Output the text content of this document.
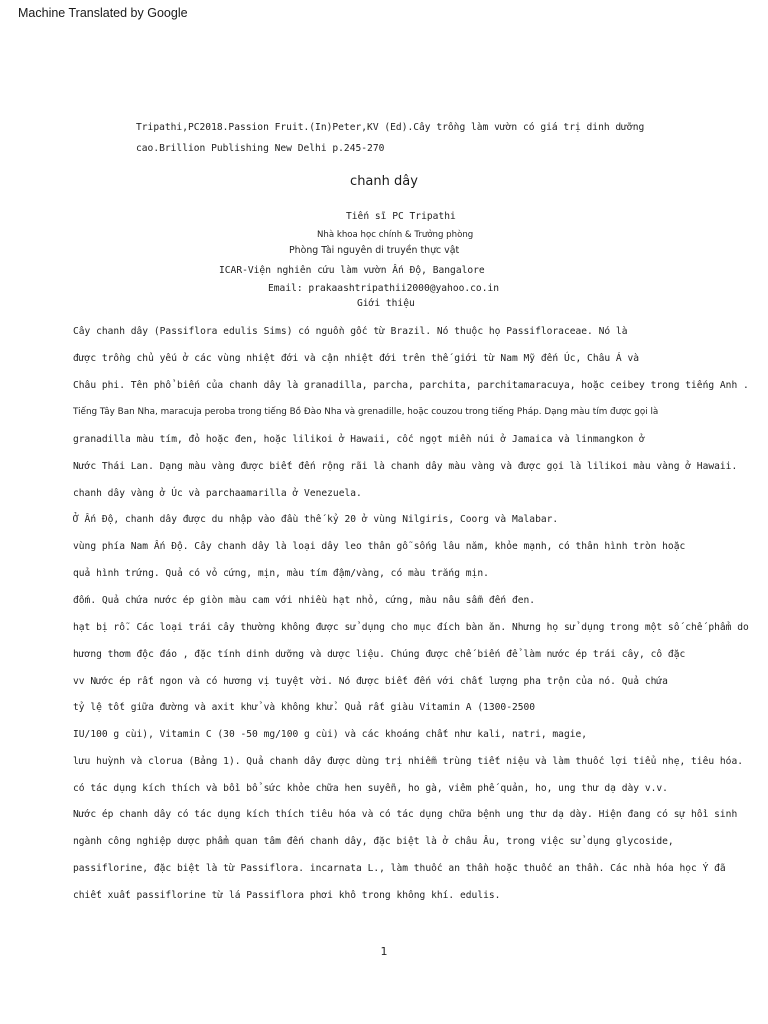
Machine Translated by Google
Tripathi,PC2018.Passion Fruit.(In)Peter,KV (Ed).Cây trồng làm vườn có giá trị dinh dưỡng
cao.Brillion Publishing New Delhi p.245-270
chanh dây
Tiến sĩ PC Tripathi
Nhà khoa học chính & Trưởng phòng
Phòng Tài nguyên di truyền thực vật
ICAR-Viện nghiên cứu làm vườn Ấn Độ, Bangalore
Email: prakaashtripathii2000@yahoo.co.in
Giới thiệu
Cây chanh dây (Passiflora edulis Sims) có nguồn gốc từ Brazil. Nó thuộc họ Passifloraceae. Nó là
được trồng chủ yếu ở các vùng nhiệt đới và cận nhiệt đới trên thế giới từ Nam Mỹ đến Úc, Châu Á và
Châu phi. Tên phổ biến của chanh dây là granadilla, parcha, parchita, parchitamaracuya, hoặc ceibey trong tiếng Anh .
Tiếng Tây Ban Nha, maracuja peroba trong tiếng Bồ Đào Nha và grenadille, hoặc couzou trong tiếng Pháp. Dạng màu tím được gọi là
granadilla màu tím, đỏ hoặc đen, hoặc lilikoi ở Hawaii, cốc ngọt miền núi ở Jamaica và linmangkon ở
Nước Thái Lan. Dạng màu vàng được biết đến rộng rãi là chanh dây màu vàng và được gọi là lilikoi màu vàng ở Hawaii.
chanh dây vàng ở Úc và parchaamarilla ở Venezuela.
Ở Ấn Độ, chanh dây được du nhập vào đầu thế kỷ 20 ở vùng Nilgiris, Coorg và Malabar.
vùng phía Nam Ấn Độ. Cây chanh dây là loại dây leo thân gỗ sống lâu năm, khỏe mạnh, có thân hình tròn hoặc
quả hình trứng. Quả có vỏ cứng, mịn, màu tím đậm/vàng, có màu trắng mịn.
đốm. Quả chứa nước ép giòn màu cam với nhiều hạt nhỏ, cứng, màu nâu sẫm đến đen.
hạt bị rỗ. Các loại trái cây thường không được sử dụng cho mục đích bàn ăn. Nhưng họ sử dụng trong một số chế phẩm do
hương thơm độc đáo , đặc tính dinh dưỡng và dược liệu. Chúng được chế biến để làm nước ép trái cây, cô đặc
vv Nước ép rất ngon và có hương vị tuyệt vời. Nó được biết đến với chất lượng pha trộn của nó. Quả chứa
tỷ lệ tốt giữa đường và axit khử và không khử. Quả rất giàu Vitamin A (1300-2500
IU/100 g cùi), Vitamin C (30 -50 mg/100 g cùi) và các khoáng chất như kali, natri, magie,
lưu huỳnh và clorua (Bảng 1). Quả chanh dây được dùng trị nhiễm trùng tiết niệu và làm thuốc lợi tiểu nhẹ, tiêu hóa.
có tác dụng kích thích và bồi bổ sức khỏe chữa hen suyễn, ho gà, viêm phế quản, ho, ung thư dạ dày v.v.
Nước ép chanh dây có tác dụng kích thích tiêu hóa và có tác dụng chữa bệnh ung thư dạ dày. Hiện đang có sự hồi sinh
ngành công nghiệp dược phẩm quan tâm đến chanh dây, đặc biệt là ở châu Âu, trong việc sử dụng glycoside,
passiflorine, đặc biệt là từ Passiflora. incarnata L., làm thuốc an thần hoặc thuốc an thần. Các nhà hóa học Ý đã
chiết xuất passiflorine từ lá Passiflora phơi khô trong không khí. edulis.
1
